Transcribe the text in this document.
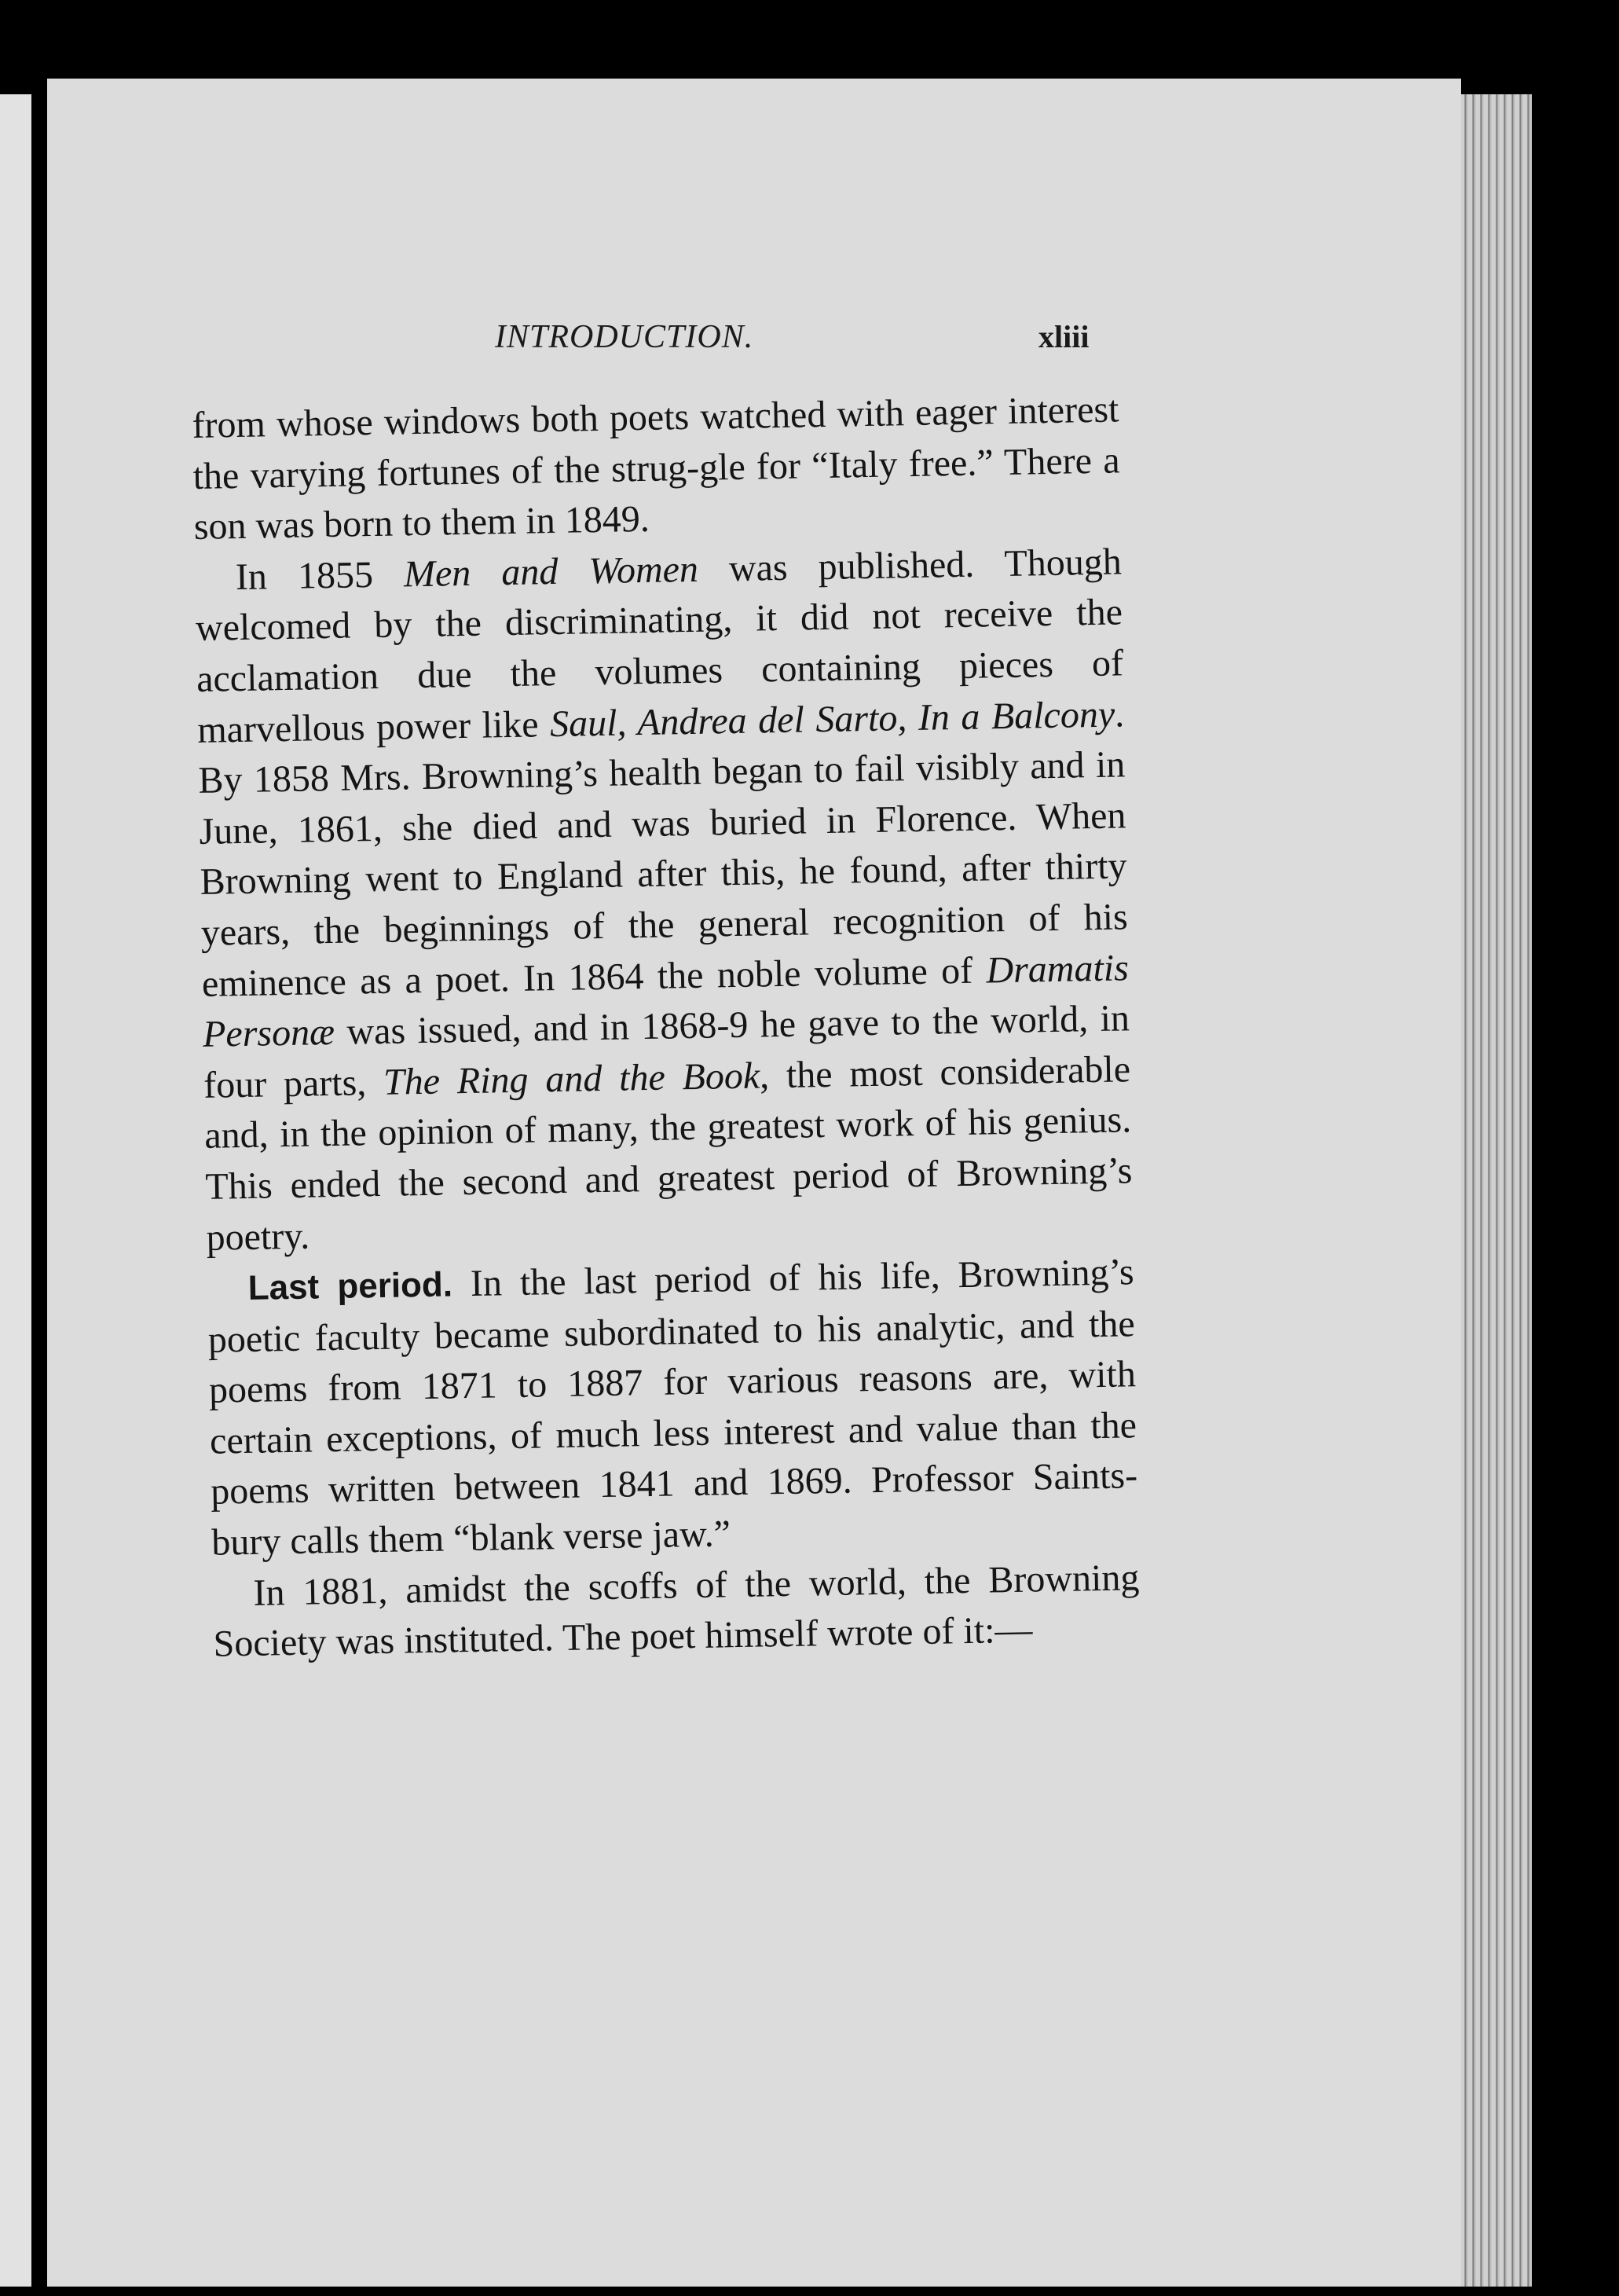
INTRODUCTION.	xliii

from whose windows both poets watched with eager interest the varying fortunes of the strug-gle for “Italy free.” There a son was born to them in 1849.

In 1855 Men and Women was published. Though welcomed by the discriminating, it did not receive the acclamation due the volumes containing pieces of marvellous power like Saul, Andrea del Sarto, In a Balcony. By 1858 Mrs. Browning’s health began to fail visibly and in June, 1861, she died and was buried in Florence. When Browning went to England after this, he found, after thirty years, the beginnings of the general recognition of his eminence as a poet. In 1864 the noble volume of Dramatis Personæ was issued, and in 1868-9 he gave to the world, in four parts, The Ring and the Book, the most considerable and, in the opinion of many, the greatest work of his genius. This ended the second and greatest period of Browning’s poetry.

Last period. In the last period of his life, Browning’s poetic faculty became subordinated to his analytic, and the poems from 1871 to 1887 for various reasons are, with certain exceptions, of much less interest and value than the poems written between 1841 and 1869. Professor Saints-bury calls them “blank verse jaw.”

In 1881, amidst the scoffs of the world, the Browning Society was instituted. The poet himself wrote of it:—
